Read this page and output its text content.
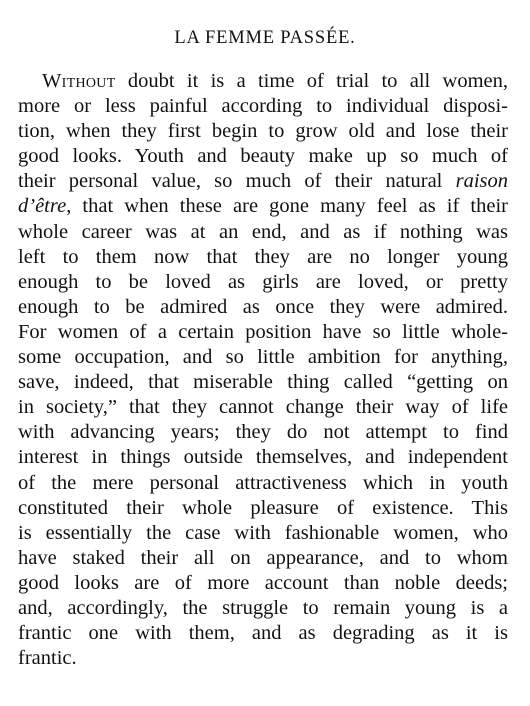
LA FEMME PASSÉE.
Without doubt it is a time of trial to all women,
more or less painful according to individual disposi-
tion, when they first begin to grow old and lose their
good looks. Youth and beauty make up so much of
their personal value, so much of their natural raison
d’être, that when these are gone many feel as if their
whole career was at an end, and as if nothing was
left to them now that they are no longer young
enough to be loved as girls are loved, or pretty
enough to be admired as once they were admired.
For women of a certain position have so little whole-
some occupation, and so little ambition for anything,
save, indeed, that miserable thing called “getting on
in society,” that they cannot change their way of life
with advancing years; they do not attempt to find
interest in things outside themselves, and independent
of the mere personal attractiveness which in youth
constituted their whole pleasure of existence. This
is essentially the case with fashionable women, who
have staked their all on appearance, and to whom
good looks are of more account than noble deeds;
and, accordingly, the struggle to remain young is a
frantic one with them, and as degrading as it is
frantic.
